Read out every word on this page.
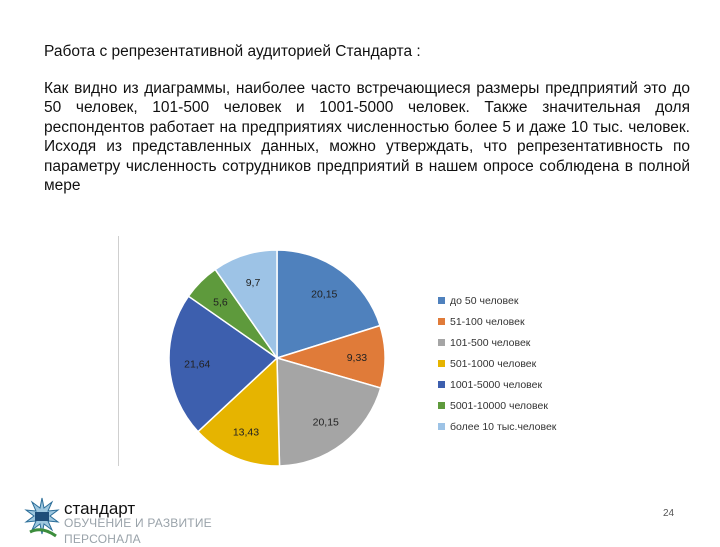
Работа с репрезентативной аудиторией Стандарта :

Как видно из диаграммы, наиболее часто встречающиеся размеры предприятий это до 50 человек, 101-500 человек и 1001-5000 человек. Также значительная доля респондентов работает на предприятиях численностью более 5 и даже 10 тыс. человек. Исходя из представленных данных, можно утверждать, что репрезентативность по параметру численность сотрудников предприятий в нашем опросе соблюдена в полной мере

20,15
9,33
20,15
13,43
21,64
5,6
9,7
до 50 человек
51-100 человек
101-500 человек
501-1000 человек
1001-5000 человек
5001-10000 человек
более 10 тыс.человек
стандарт
ОБУЧЕНИЕ И РАЗВИТИЕ ПЕРСОНАЛА
24
